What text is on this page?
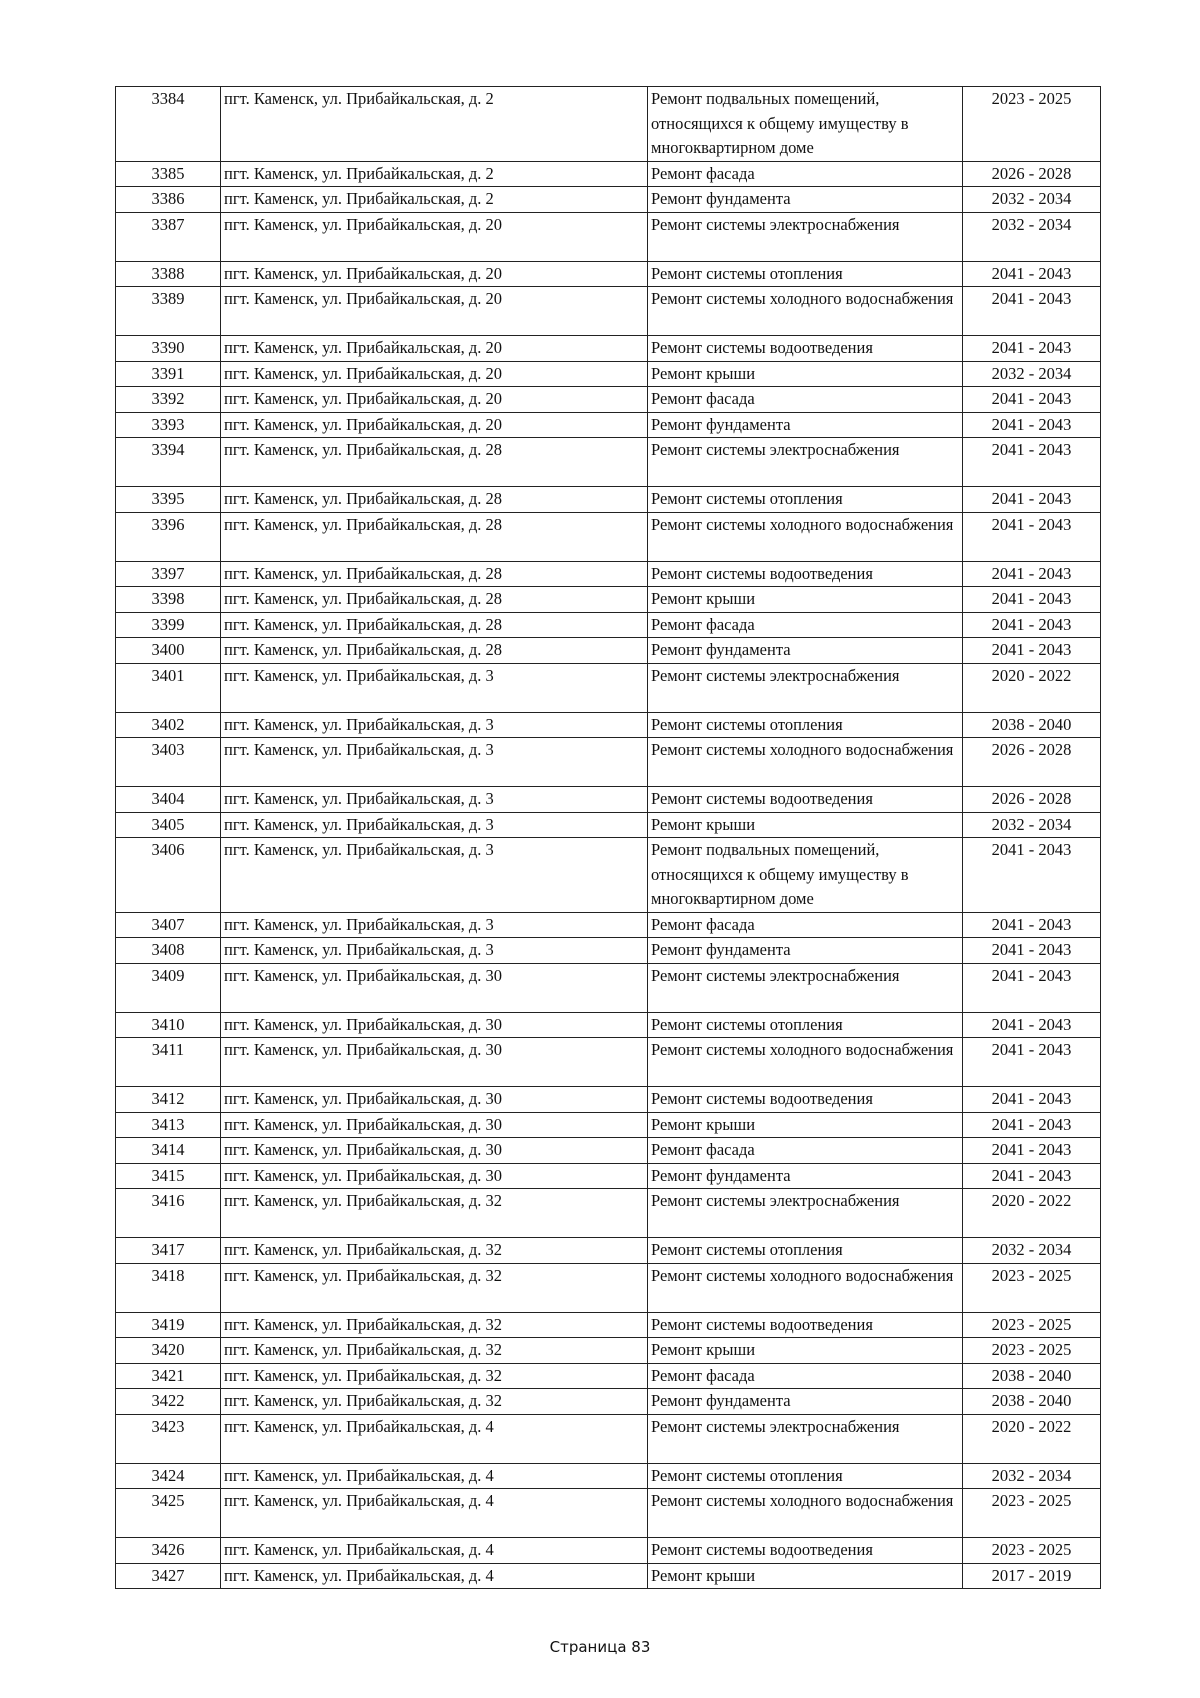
3384	пгт. Каменск, ул. Прибайкальская, д. 2	Ремонт подвальных помещений, относящихся к общему имуществу в многоквартирном доме	2023 - 2025
3385	пгт. Каменск, ул. Прибайкальская, д. 2	Ремонт фасада	2026 - 2028
3386	пгт. Каменск, ул. Прибайкальская, д. 2	Ремонт фундамента	2032 - 2034
3387	пгт. Каменск, ул. Прибайкальская, д. 20	Ремонт системы электроснабжения	2032 - 2034
3388	пгт. Каменск, ул. Прибайкальская, д. 20	Ремонт системы отопления	2041 - 2043
3389	пгт. Каменск, ул. Прибайкальская, д. 20	Ремонт системы холодного водоснабжения	2041 - 2043
3390	пгт. Каменск, ул. Прибайкальская, д. 20	Ремонт системы водоотведения	2041 - 2043
3391	пгт. Каменск, ул. Прибайкальская, д. 20	Ремонт крыши	2032 - 2034
3392	пгт. Каменск, ул. Прибайкальская, д. 20	Ремонт фасада	2041 - 2043
3393	пгт. Каменск, ул. Прибайкальская, д. 20	Ремонт фундамента	2041 - 2043
3394	пгт. Каменск, ул. Прибайкальская, д. 28	Ремонт системы электроснабжения	2041 - 2043
3395	пгт. Каменск, ул. Прибайкальская, д. 28	Ремонт системы отопления	2041 - 2043
3396	пгт. Каменск, ул. Прибайкальская, д. 28	Ремонт системы холодного водоснабжения	2041 - 2043
3397	пгт. Каменск, ул. Прибайкальская, д. 28	Ремонт системы водоотведения	2041 - 2043
3398	пгт. Каменск, ул. Прибайкальская, д. 28	Ремонт крыши	2041 - 2043
3399	пгт. Каменск, ул. Прибайкальская, д. 28	Ремонт фасада	2041 - 2043
3400	пгт. Каменск, ул. Прибайкальская, д. 28	Ремонт фундамента	2041 - 2043
3401	пгт. Каменск, ул. Прибайкальская, д. 3	Ремонт системы электроснабжения	2020 - 2022
3402	пгт. Каменск, ул. Прибайкальская, д. 3	Ремонт системы отопления	2038 - 2040
3403	пгт. Каменск, ул. Прибайкальская, д. 3	Ремонт системы холодного водоснабжения	2026 - 2028
3404	пгт. Каменск, ул. Прибайкальская, д. 3	Ремонт системы водоотведения	2026 - 2028
3405	пгт. Каменск, ул. Прибайкальская, д. 3	Ремонт крыши	2032 - 2034
3406	пгт. Каменск, ул. Прибайкальская, д. 3	Ремонт подвальных помещений, относящихся к общему имуществу в многоквартирном доме	2041 - 2043
3407	пгт. Каменск, ул. Прибайкальская, д. 3	Ремонт фасада	2041 - 2043
3408	пгт. Каменск, ул. Прибайкальская, д. 3	Ремонт фундамента	2041 - 2043
3409	пгт. Каменск, ул. Прибайкальская, д. 30	Ремонт системы электроснабжения	2041 - 2043
3410	пгт. Каменск, ул. Прибайкальская, д. 30	Ремонт системы отопления	2041 - 2043
3411	пгт. Каменск, ул. Прибайкальская, д. 30	Ремонт системы холодного водоснабжения	2041 - 2043
3412	пгт. Каменск, ул. Прибайкальская, д. 30	Ремонт системы водоотведения	2041 - 2043
3413	пгт. Каменск, ул. Прибайкальская, д. 30	Ремонт крыши	2041 - 2043
3414	пгт. Каменск, ул. Прибайкальская, д. 30	Ремонт фасада	2041 - 2043
3415	пгт. Каменск, ул. Прибайкальская, д. 30	Ремонт фундамента	2041 - 2043
3416	пгт. Каменск, ул. Прибайкальская, д. 32	Ремонт системы электроснабжения	2020 - 2022
3417	пгт. Каменск, ул. Прибайкальская, д. 32	Ремонт системы отопления	2032 - 2034
3418	пгт. Каменск, ул. Прибайкальская, д. 32	Ремонт системы холодного водоснабжения	2023 - 2025
3419	пгт. Каменск, ул. Прибайкальская, д. 32	Ремонт системы водоотведения	2023 - 2025
3420	пгт. Каменск, ул. Прибайкальская, д. 32	Ремонт крыши	2023 - 2025
3421	пгт. Каменск, ул. Прибайкальская, д. 32	Ремонт фасада	2038 - 2040
3422	пгт. Каменск, ул. Прибайкальская, д. 32	Ремонт фундамента	2038 - 2040
3423	пгт. Каменск, ул. Прибайкальская, д. 4	Ремонт системы электроснабжения	2020 - 2022
3424	пгт. Каменск, ул. Прибайкальская, д. 4	Ремонт системы отопления	2032 - 2034
3425	пгт. Каменск, ул. Прибайкальская, д. 4	Ремонт системы холодного водоснабжения	2023 - 2025
3426	пгт. Каменск, ул. Прибайкальская, д. 4	Ремонт системы водоотведения	2023 - 2025
3427	пгт. Каменск, ул. Прибайкальская, д. 4	Ремонт крыши	2017 - 2019
Страница 83
